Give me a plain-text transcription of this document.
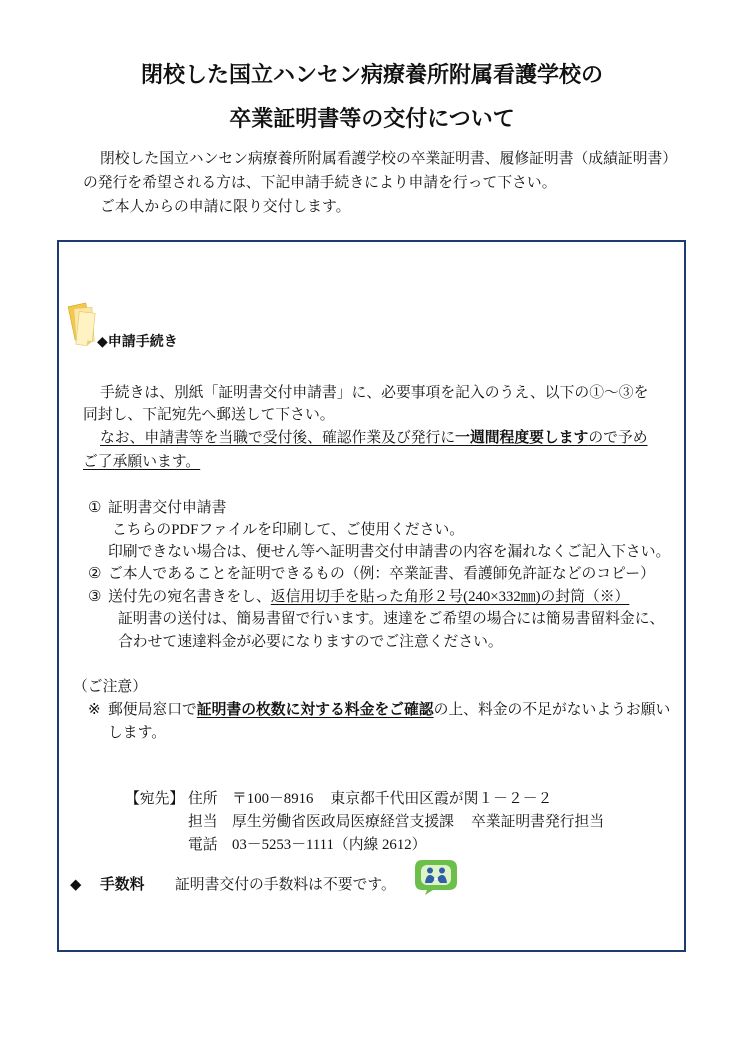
閉校した国立ハンセン病療養所附属看護学校の
卒業証明書等の交付について
閉校した国立ハンセン病療養所附属看護学校の卒業証明書、履修証明書（成績証明書）
の発行を希望される方は、下記申請手続きにより申請を行って下さい。
ご本人からの申請に限り交付します。
◆申請手続き
手続きは、別紙「証明書交付申請書」に、必要事項を記入のうえ、以下の①～③を
同封し、下記宛先へ郵送して下さい。
なお、申請書等を当職で受付後、確認作業及び発行に一週間程度要しますので予め
ご了承願います。
① 証明書交付申請書
こちらのPDFファイルを印刷して、ご使用ください。
印刷できない場合は、便せん等へ証明書交付申請書の内容を漏れなくご記入下さい。
② ご本人であることを証明できるもの（例：卒業証書、看護師免許証などのコピー）
③ 送付先の宛名書きをし、返信用切手を貼った角形２号(240×332㎜)の封筒（※）
証明書の送付は、簡易書留で行います。速達をご希望の場合には簡易書留料金に、
合わせて速達料金が必要になりますのでご注意ください。
（ご注意）
※ 郵便局窓口で証明書の枚数に対する料金をご確認の上、料金の不足がないようお願い
します。
【宛先】 住所 〒100－8916 東京都千代田区霞が関１－２－２
担当 厚生労働省医政局医療経営支援課 卒業証明書発行担当
電話 03－5253－1111（内線 2612）
◆ 手数料 証明書交付の手数料は不要です。
